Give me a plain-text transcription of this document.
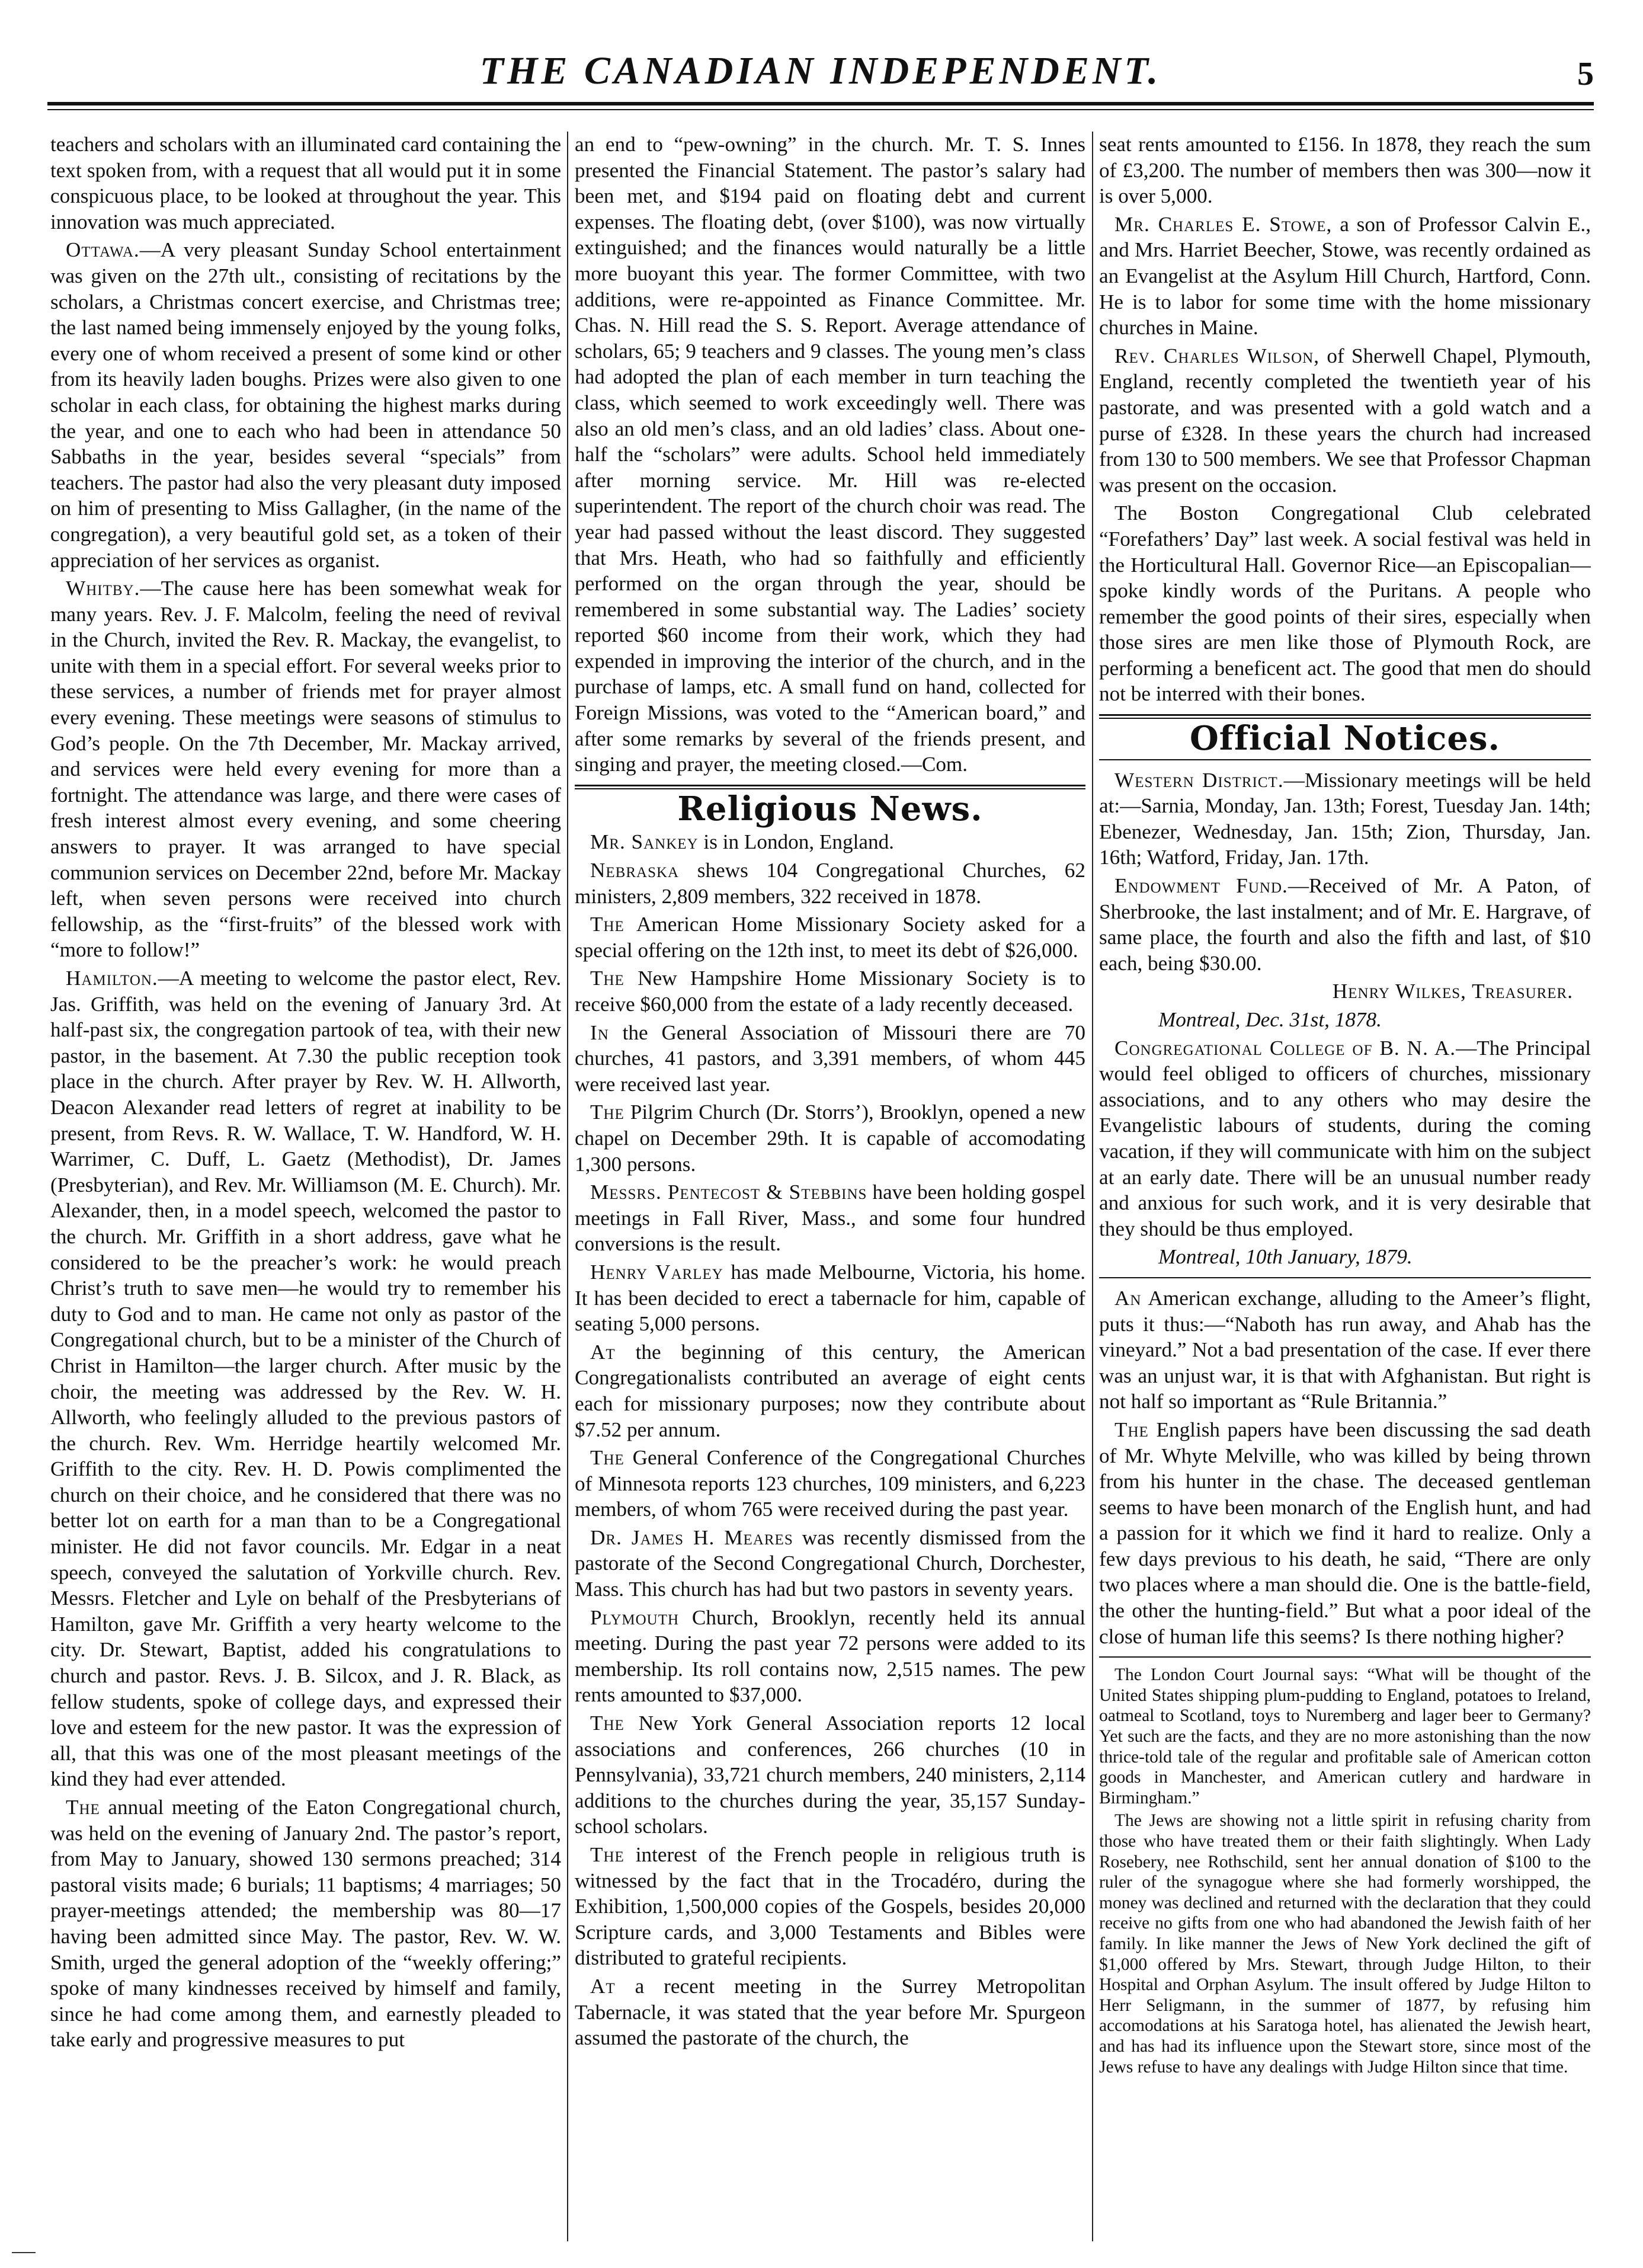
THE CANADIAN INDEPENDENT.	5

teachers and scholars with an illuminated card containing the text spoken from, with a request that all would put it in some conspicuous place, to be looked at throughout the year. This innovation was much appreciated.

Ottawa.—A very pleasant Sunday School entertainment was given on the 27th ult., consisting of recitations by the scholars, a Christmas concert exercise, and Christmas tree; the last named being immensely enjoyed by the young folks, every one of whom received a present of some kind or other from its heavily laden boughs. Prizes were also given to one scholar in each class, for obtaining the highest marks during the year, and one to each who had been in attendance 50 Sabbaths in the year, besides several “specials” from teachers. The pastor had also the very pleasant duty imposed on him of presenting to Miss Gallagher, (in the name of the congregation), a very beautiful gold set, as a token of their appreciation of her services as organist.

Whitby.—The cause here has been somewhat weak for many years. Rev. J. F. Malcolm, feeling the need of revival in the Church, invited the Rev. R. Mackay, the evangelist, to unite with them in a special effort. For several weeks prior to these services, a number of friends met for prayer almost every evening. These meetings were seasons of stimulus to God’s people. On the 7th December, Mr. Mackay arrived, and services were held every evening for more than a fortnight. The attendance was large, and there were cases of fresh interest almost every evening, and some cheering answers to prayer. It was arranged to have special communion services on December 22nd, before Mr. Mackay left, when seven persons were received into church fellowship, as the “first-fruits” of the blessed work with “more to follow!”

Hamilton.—A meeting to welcome the pastor elect, Rev. Jas. Griffith, was held on the evening of January 3rd. At half-past six, the congregation partook of tea, with their new pastor, in the basement. At 7.30 the public reception took place in the church. After prayer by Rev. W. H. Allworth, Deacon Alexander read letters of regret at inability to be present, from Revs. R. W. Wallace, T. W. Handford, W. H. Warrimer, C. Duff, L. Gaetz (Methodist), Dr. James (Presbyterian), and Rev. Mr. Williamson (M. E. Church). Mr. Alexander, then, in a model speech, welcomed the pastor to the church. Mr. Griffith in a short address, gave what he considered to be the preacher’s work: he would preach Christ’s truth to save men—he would try to remember his duty to God and to man. He came not only as pastor of the Congregational church, but to be a minister of the Church of Christ in Hamilton—the larger church. After music by the choir, the meeting was addressed by the Rev. W. H. Allworth, who feelingly alluded to the previous pastors of the church. Rev. Wm. Herridge heartily welcomed Mr. Griffith to the city. Rev. H. D. Powis complimented the church on their choice, and he considered that there was no better lot on earth for a man than to be a Congregational minister. He did not favor councils. Mr. Edgar in a neat speech, conveyed the salutation of Yorkville church. Rev. Messrs. Fletcher and Lyle on behalf of the Presbyterians of Hamilton, gave Mr. Griffith a very hearty welcome to the city. Dr. Stewart, Baptist, added his congratulations to church and pastor. Revs. J. B. Silcox, and J. R. Black, as fellow students, spoke of college days, and expressed their love and esteem for the new pastor. It was the expression of all, that this was one of the most pleasant meetings of the kind they had ever attended.

The annual meeting of the Eaton Congregational church, was held on the evening of January 2nd. The pastor’s report, from May to January, showed 130 sermons preached; 314 pastoral visits made; 6 burials; 11 baptisms; 4 marriages; 50 prayer-meetings attended; the membership was 80—17 having been admitted since May. The pastor, Rev. W. W. Smith, urged the general adoption of the “weekly offering;” spoke of many kindnesses received by himself and family, since he had come among them, and earnestly pleaded to take early and progressive measures to put

an end to “pew-owning” in the church. Mr. T. S. Innes presented the Financial Statement. The pastor’s salary had been met, and $194 paid on floating debt and current expenses. The floating debt, (over $100), was now virtually extinguished; and the finances would naturally be a little more buoyant this year. The former Committee, with two additions, were re-appointed as Finance Committee. Mr. Chas. N. Hill read the S. S. Report. Average attendance of scholars, 65; 9 teachers and 9 classes. The young men’s class had adopted the plan of each member in turn teaching the class, which seemed to work exceedingly well. There was also an old men’s class, and an old ladies’ class. About one-half the “scholars” were adults. School held immediately after morning service. Mr. Hill was re-elected superintendent. The report of the church choir was read. The year had passed without the least discord. They suggested that Mrs. Heath, who had so faithfully and efficiently performed on the organ through the year, should be remembered in some substantial way. The Ladies’ society reported $60 income from their work, which they had expended in improving the interior of the church, and in the purchase of lamps, etc. A small fund on hand, collected for Foreign Missions, was voted to the “American board,” and after some remarks by several of the friends present, and singing and prayer, the meeting closed.—Com.

Religious News.

Mr. Sankey is in London, England.

Nebraska shews 104 Congregational Churches, 62 ministers, 2,809 members, 322 received in 1878.

The American Home Missionary Society asked for a special offering on the 12th inst, to meet its debt of $26,000.

The New Hampshire Home Missionary Society is to receive $60,000 from the estate of a lady recently deceased.

In the General Association of Missouri there are 70 churches, 41 pastors, and 3,391 members, of whom 445 were received last year.

The Pilgrim Church (Dr. Storrs’), Brooklyn, opened a new chapel on December 29th. It is capable of accomodating 1,300 persons.

Messrs. Pentecost & Stebbins have been holding gospel meetings in Fall River, Mass., and some four hundred conversions is the result.

Henry Varley has made Melbourne, Victoria, his home. It has been decided to erect a tabernacle for him, capable of seating 5,000 persons.

At the beginning of this century, the American Congregationalists contributed an average of eight cents each for missionary purposes; now they contribute about $7.52 per annum.

The General Conference of the Congregational Churches of Minnesota reports 123 churches, 109 ministers, and 6,223 members, of whom 765 were received during the past year.

Dr. James H. Meares was recently dismissed from the pastorate of the Second Congregational Church, Dorchester, Mass. This church has had but two pastors in seventy years.

Plymouth Church, Brooklyn, recently held its annual meeting. During the past year 72 persons were added to its membership. Its roll contains now, 2,515 names. The pew rents amounted to $37,000.

The New York General Association reports 12 local associations and conferences, 266 churches (10 in Pennsylvania), 33,721 church members, 240 ministers, 2,114 additions to the churches during the year, 35,157 Sunday-school scholars.

The interest of the French people in religious truth is witnessed by the fact that in the Trocadéro, during the Exhibition, 1,500,000 copies of the Gospels, besides 20,000 Scripture cards, and 3,000 Testaments and Bibles were distributed to grateful recipients.

At a recent meeting in the Surrey Metropolitan Tabernacle, it was stated that the year before Mr. Spurgeon assumed the pastorate of the church, the

seat rents amounted to £156. In 1878, they reach the sum of £3,200. The number of members then was 300—now it is over 5,000.

Mr. Charles E. Stowe, a son of Professor Calvin E., and Mrs. Harriet Beecher, Stowe, was recently ordained as an Evangelist at the Asylum Hill Church, Hartford, Conn. He is to labor for some time with the home missionary churches in Maine.

Rev. Charles Wilson, of Sherwell Chapel, Plymouth, England, recently completed the twentieth year of his pastorate, and was presented with a gold watch and a purse of £328. In these years the church had increased from 130 to 500 members. We see that Professor Chapman was present on the occasion.

The Boston Congregational Club celebrated “Forefathers’ Day” last week. A social festival was held in the Horticultural Hall. Governor Rice—an Episcopalian—spoke kindly words of the Puritans. A people who remember the good points of their sires, especially when those sires are men like those of Plymouth Rock, are performing a beneficent act. The good that men do should not be interred with their bones.

Official Notices.

Western District.—Missionary meetings will be held at:—Sarnia, Monday, Jan. 13th; Forest, Tuesday Jan. 14th; Ebenezer, Wednesday, Jan. 15th; Zion, Thursday, Jan. 16th; Watford, Friday, Jan. 17th.

Endowment Fund.—Received of Mr. A Paton, of Sherbrooke, the last instalment; and of Mr. E. Hargrave, of same place, the fourth and also the fifth and last, of $10 each, being $30.00.

Henry Wilkes, Treasurer.

Montreal, Dec. 31st, 1878.

Congregational College of B. N. A.—The Principal would feel obliged to officers of churches, missionary associations, and to any others who may desire the Evangelistic labours of students, during the coming vacation, if they will communicate with him on the subject at an early date. There will be an unusual number ready and anxious for such work, and it is very desirable that they should be thus employed.

Montreal, 10th January, 1879.

An American exchange, alluding to the Ameer’s flight, puts it thus:—“Naboth has run away, and Ahab has the vineyard.” Not a bad presentation of the case. If ever there was an unjust war, it is that with Afghanistan. But right is not half so important as “Rule Britannia.”

The English papers have been discussing the sad death of Mr. Whyte Melville, who was killed by being thrown from his hunter in the chase. The deceased gentleman seems to have been monarch of the English hunt, and had a passion for it which we find it hard to realize. Only a few days previous to his death, he said, “There are only two places where a man should die. One is the battle-field, the other the hunting-field.” But what a poor ideal of the close of human life this seems? Is there nothing higher?

The London Court Journal says: “What will be thought of the United States shipping plum-pudding to England, potatoes to Ireland, oatmeal to Scotland, toys to Nuremberg and lager beer to Germany? Yet such are the facts, and they are no more astonishing than the now thrice-told tale of the regular and profitable sale of American cotton goods in Manchester, and American cutlery and hardware in Birmingham.”

The Jews are showing not a little spirit in refusing charity from those who have treated them or their faith slightingly. When Lady Rosebery, nee Rothschild, sent her annual donation of $100 to the ruler of the synagogue where she had formerly worshipped, the money was declined and returned with the declaration that they could receive no gifts from one who had abandoned the Jewish faith of her family. In like manner the Jews of New York declined the gift of $1,000 offered by Mrs. Stewart, through Judge Hilton, to their Hospital and Orphan Asylum. The insult offered by Judge Hilton to Herr Seligmann, in the summer of 1877, by refusing him accomodations at his Saratoga hotel, has alienated the Jewish heart, and has had its influence upon the Stewart store, since most of the Jews refuse to have any dealings with Judge Hilton since that time.
